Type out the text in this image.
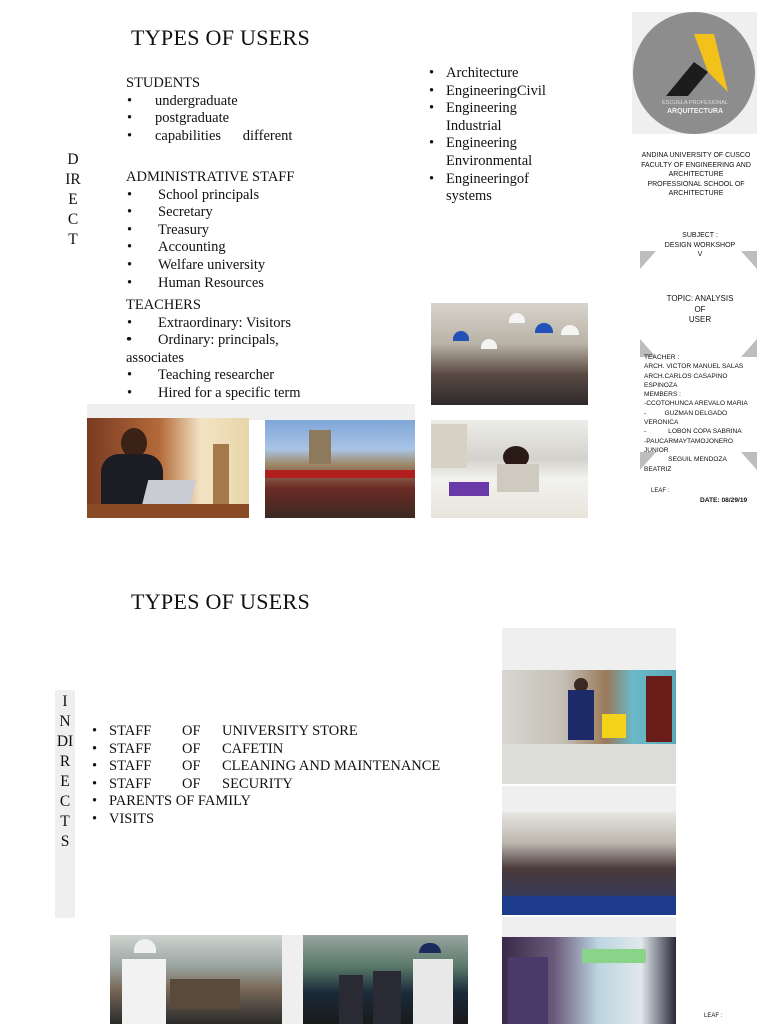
TYPES OF USERS
D
IR
E
C
T
STUDENTS
• undergraduate
• postgraduate
• capabilities      different
ADMINISTRATIVE STAFF
• School principals
• Secretary
• Treasury
• Accounting
• Welfare university
• Human Resources
TEACHERS
• Extraordinary: Visitors
• • Ordinary: principals, associates
• Teaching researcher
• Hired for a specific term
• Architecture
• EngineeringCivil
• Engineering Industrial
• Engineering Environmental
• Engineeringof systems
ESCUELA PROFESIONAL
ARQUITECTURA
ANDINA UNIVERSITY OF CUSCO
FACULTY OF ENGINEERING AND ARCHITECTURE
PROFESSIONAL SCHOOL OF ARCHITECTURE
SUBJECT :
DESIGN WORKSHOP
V
TOPIC: ANALYSIS
OF
USER
TEACHER :
ARCH. VICTOR MANUEL SALAS
ARCH.CARLOS CASAPINO
ESPINOZA
MEMBERS :
-CCOTOHUNCA AREVALO MARIA
-          GUZMAN DELGADO
VERONICA
-            LOBON COPA SABRINA
-PAUCARMAYTAMOJONERO
JUNIOR
-            SEGUIL MENDOZA
BEATRIZ
LEAF :
DATE: 08/29/19
TYPES OF USERS
I
N
DI
R
E
C
T
S
• STAFF	OF	UNIVERSITY STORE
• STAFF	OF	CAFETIN
• STAFF	OF	CLEANING AND MAINTENANCE
• STAFF	OF	SECURITY
• PARENTS OF FAMILY
• VISITS
LEAF :
